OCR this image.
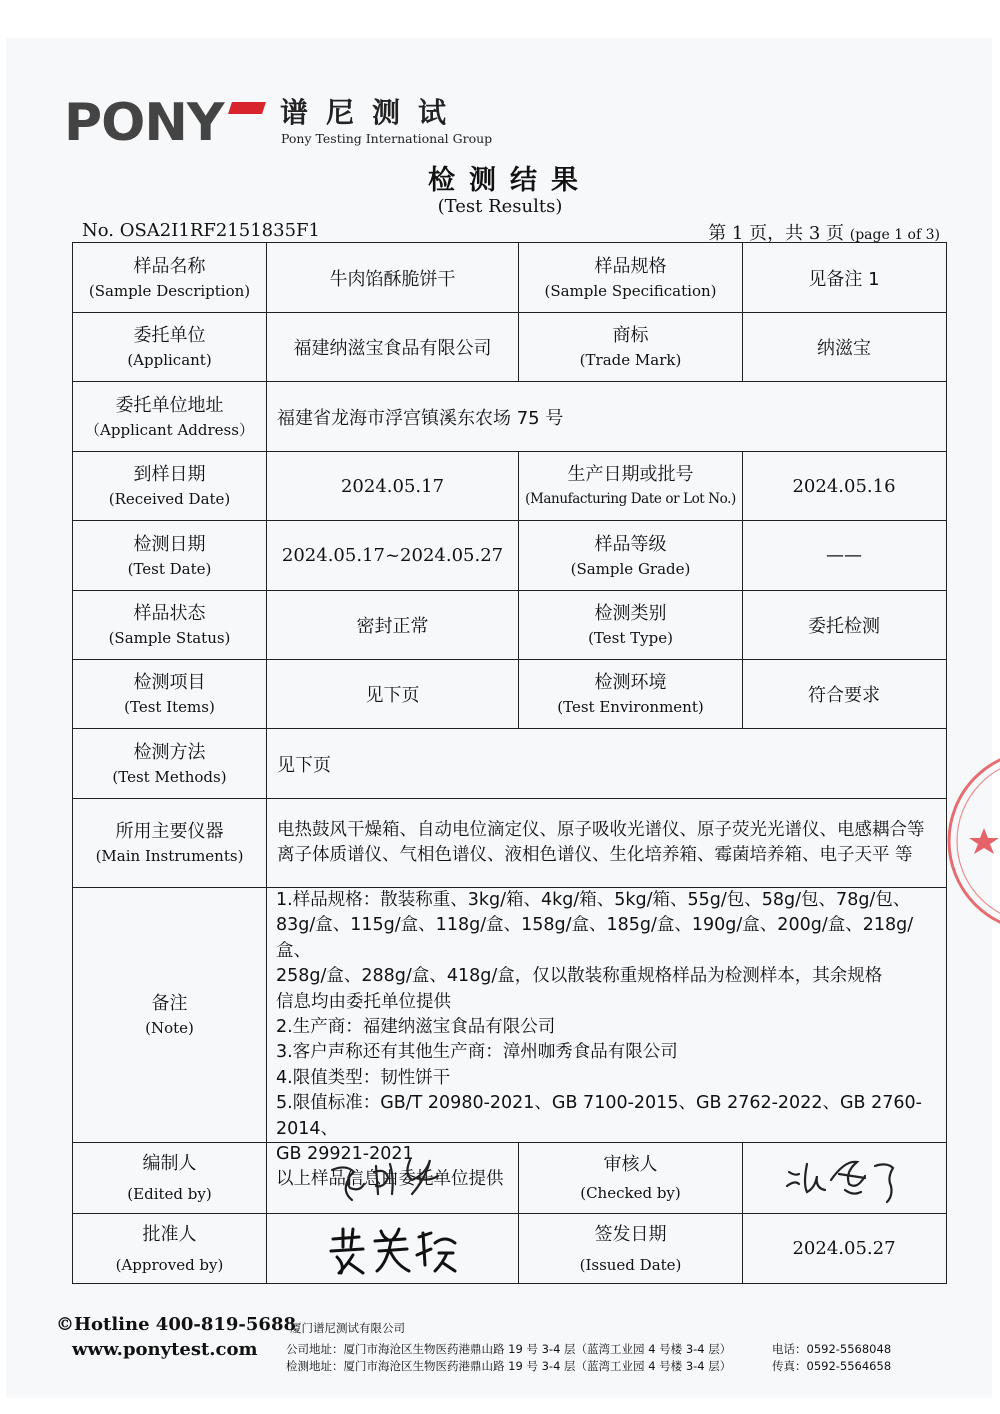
PONY 谱尼测试
Pony Testing International Group
检测结果
(Test Results)
No. OSA2I1RF2151835F1	第 1 页，共 3 页 (page 1 of 3)
样品名称
(Sample Description)
牛肉馅酥脆饼干
样品规格
(Sample Specification)
见备注 1
委托单位
(Applicant)
福建纳滋宝食品有限公司
商标
(Trade Mark)
纳滋宝
委托单位地址
（Applicant Address）
福建省龙海市浮宫镇溪东农场 75 号
到样日期
(Received Date)
2024.05.17
生产日期或批号
(Manufacturing Date or Lot No.)
2024.05.16
检测日期
(Test Date)
2024.05.17~2024.05.27
样品等级
(Sample Grade)
——
样品状态
(Sample Status)
密封正常
检测类别
(Test Type)
委托检测
检测项目
(Test Items)
见下页
检测环境
(Test Environment)
符合要求
检测方法
(Test Methods)
见下页
所用主要仪器
(Main Instruments)
电热鼓风干燥箱、自动电位滴定仪、原子吸收光谱仪、原子荧光光谱仪、电感耦合等离子体质谱仪、气相色谱仪、液相色谱仪、生化培养箱、霉菌培养箱、电子天平 等
备注
(Note)
1.样品规格：散装称重、3kg/箱、4kg/箱、5kg/箱、55g/包、58g/包、78g/包、
83g/盒、115g/盒、118g/盒、158g/盒、185g/盒、190g/盒、200g/盒、218g/盒、
258g/盒、288g/盒、418g/盒，仅以散装称重规格样品为检测样本，其余规格
信息均由委托单位提供
2.生产商：福建纳滋宝食品有限公司
3.客户声称还有其他生产商：漳州咖秀食品有限公司
4.限值类型：韧性饼干
5.限值标准：GB/T 20980-2021、GB 7100-2015、GB 2762-2022、GB 2760-2014、
GB 29921-2021
以上样品信息由委托单位提供
编制人
(Edited by)
审核人
(Checked by)
批准人
(Approved by)
签发日期
(Issued Date)
2024.05.27
©Hotline 400-819-5688
www.ponytest.com
厦门谱尼测试有限公司
公司地址：厦门市海沧区生物医药港鼎山路 19 号 3-4 层（蓝湾工业园 4 号楼 3-4 层）
检测地址：厦门市海沧区生物医药港鼎山路 19 号 3-4 层（蓝湾工业园 4 号楼 3-4 层）
电话：0592-5568048
传真：0592-5564658
